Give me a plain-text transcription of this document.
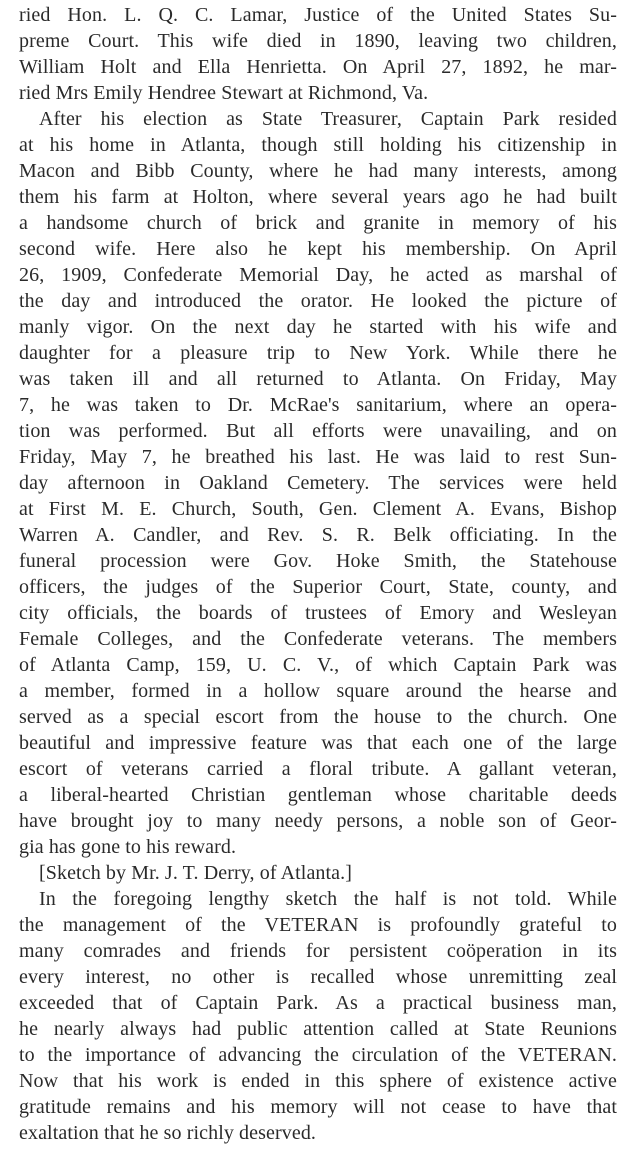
ried Hon. L. Q. C. Lamar, Justice of the United States Su-
preme Court. This wife died in 1890, leaving two children,
William Holt and Ella Henrietta. On April 27, 1892, he mar-
ried Mrs Emily Hendree Stewart at Richmond, Va.
After his election as State Treasurer, Captain Park resided
at his home in Atlanta, though still holding his citizenship in
Macon and Bibb County, where he had many interests, among
them his farm at Holton, where several years ago he had built
a handsome church of brick and granite in memory of his
second wife. Here also he kept his membership. On April
26, 1909, Confederate Memorial Day, he acted as marshal of
the day and introduced the orator. He looked the picture of
manly vigor. On the next day he started with his wife and
daughter for a pleasure trip to New York. While there he
was taken ill and all returned to Atlanta. On Friday, May
7, he was taken to Dr. McRae's sanitarium, where an opera-
tion was performed. But all efforts were unavailing, and on
Friday, May 7, he breathed his last. He was laid to rest Sun-
day afternoon in Oakland Cemetery. The services were held
at First M. E. Church, South, Gen. Clement A. Evans, Bishop
Warren A. Candler, and Rev. S. R. Belk officiating. In the
funeral procession were Gov. Hoke Smith, the Statehouse
officers, the judges of the Superior Court, State, county, and
city officials, the boards of trustees of Emory and Wesleyan
Female Colleges, and the Confederate veterans. The members
of Atlanta Camp, 159, U. C. V., of which Captain Park was
a member, formed in a hollow square around the hearse and
served as a special escort from the house to the church. One
beautiful and impressive feature was that each one of the large
escort of veterans carried a floral tribute. A gallant veteran,
a liberal-hearted Christian gentleman whose charitable deeds
have brought joy to many needy persons, a noble son of Geor-
gia has gone to his reward.
[Sketch by Mr. J. T. Derry, of Atlanta.]
In the foregoing lengthy sketch the half is not told. While
the management of the VETERAN is profoundly grateful to
many comrades and friends for persistent coöperation in its
every interest, no other is recalled whose unremitting zeal
exceeded that of Captain Park. As a practical business man,
he nearly always had public attention called at State Reunions
to the importance of advancing the circulation of the VETERAN.
Now that his work is ended in this sphere of existence active
gratitude remains and his memory will not cease to have that
exaltation that he so richly deserved.
